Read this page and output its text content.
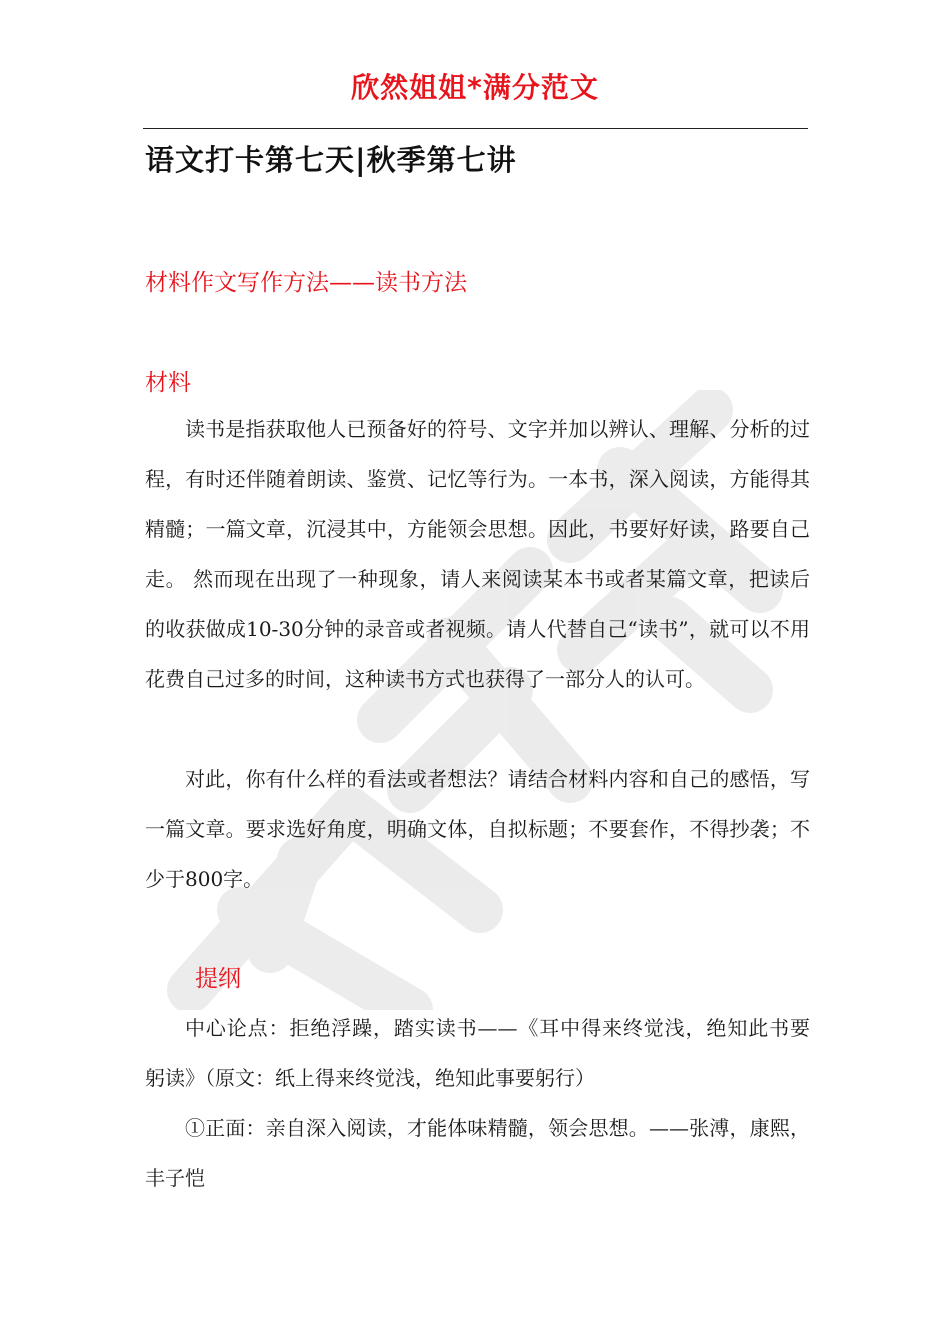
欣然姐姐*满分范文
语文打卡第七天|秋季第七讲
材料作文写作方法——读书方法
材料

读书是指获取他人已预备好的符号、文字并加以辨认、理解、分析的过程，有时还伴随着朗读、鉴赏、记忆等行为。一本书，深入阅读，方能得其精髓；一篇文章，沉浸其中，方能领会思想。因此，书要好好读，路要自己走。 然而现在出现了一种现象，请人来阅读某本书或者某篇文章，把读后的收获做成10-30分钟的录音或者视频。请人代替自己“读书”，就可以不用花费自己过多的时间，这种读书方式也获得了一部分人的认可。

对此，你有什么样的看法或者想法？请结合材料内容和自己的感悟，写一篇文章。要求选好角度，明确文体，自拟标题；不要套作，不得抄袭；不少于800字。

提纲

中心论点：拒绝浮躁，踏实读书——《耳中得来终觉浅，绝知此书要 躬读》（原文：纸上得来终觉浅，绝知此事要躬行）

①正面：亲自深入阅读，才能体味精髓，领会思想。——张溥，康熙，丰子恺
